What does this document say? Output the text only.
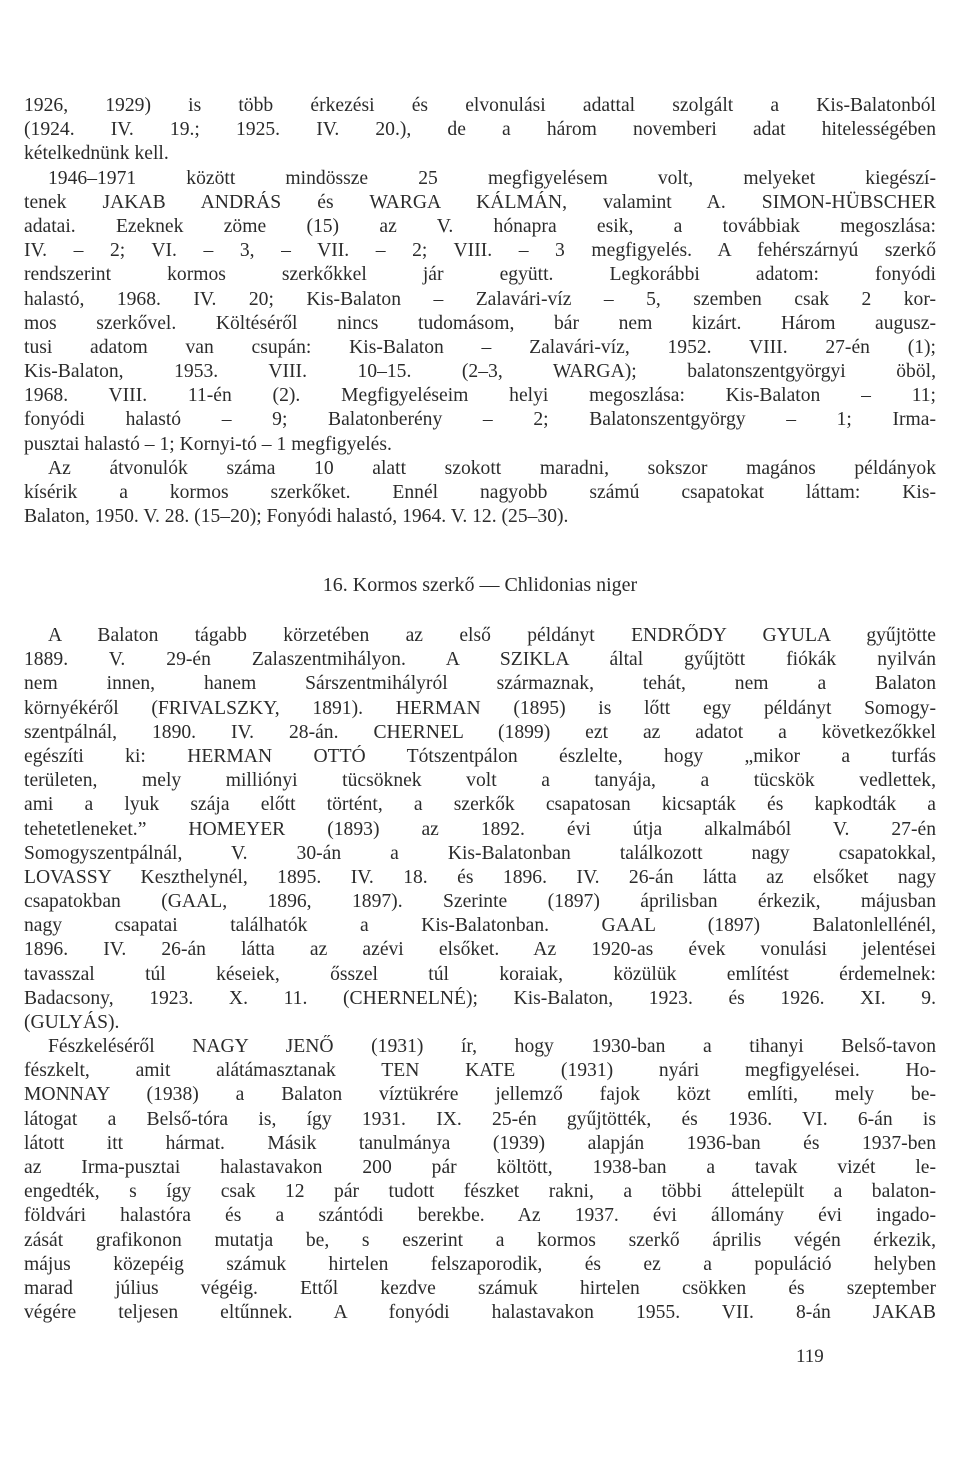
1926, 1929) is több érkezési és elvonulási adattal szolgált a Kis-Balatonból
(1924. IV. 19.; 1925. IV. 20.), de a három novemberi adat hitelességében
kételkednünk kell.
1946–1971 között mindössze 25 megfigyelésem volt, melyeket kiegészí-
tenek JAKAB ANDRÁS és WARGA KÁLMÁN, valamint A. SIMON-HÜBSCHER
adatai. Ezeknek zöme (15) az V. hónapra esik, a továbbiak megoszlása:
IV. – 2; VI. – 3, – VII. – 2; VIII. – 3 megfigyelés. A fehérszárnyú szerkő
rendszerint kormos szerkőkkel jár együtt. Legkorábbi adatom: fonyódi
halastó, 1968. IV. 20; Kis-Balaton – Zalavári-víz – 5, szemben csak 2 kor-
mos szerkővel. Költéséről nincs tudomásom, bár nem kizárt. Három augusz-
tusi adatom van csupán: Kis-Balaton – Zalavári-víz, 1952. VIII. 27-én (1);
Kis-Balaton, 1953. VIII. 10–15. (2–3, WARGA); balatonszentgyörgyi öböl,
1968. VIII. 11-én (2). Megfigyeléseim helyi megoszlása: Kis-Balaton – 11;
fonyódi halastó – 9; Balatonberény – 2; Balatonszentgyörgy – 1; Irma-
pusztai halastó – 1; Kornyi-tó – 1 megfigyelés.
Az átvonulók száma 10 alatt szokott maradni, sokszor magános példányok
kísérik a kormos szerkőket. Ennél nagyobb számú csapatokat láttam: Kis-
Balaton, 1950. V. 28. (15–20); Fonyódi halastó, 1964. V. 12. (25–30).
16. Kormos szerkő — Chlidonias niger
A Balaton tágabb körzetében az első példányt ENDRŐDY GYULA gyűjtötte
1889. V. 29-én Zalaszentmihályon. A SZIKLA által gyűjtött fiókák nyilván
nem innen, hanem Sárszentmihályról származnak, tehát, nem a Balaton
környékéről (FRIVALSZKY, 1891). HERMAN (1895) is lőtt egy példányt Somogy-
szentpálnál, 1890. IV. 28-án. CHERNEL (1899) ezt az adatot a következőkkel
egészíti ki: HERMAN OTTÓ Tótszentpálon észlelte, hogy „mikor a turfás
területen, mely milliónyi tücsöknek volt a tanyája, a tücskök vedlettek,
ami a lyuk szája előtt történt, a szerkők csapatosan kicsapták és kapkodták a
tehetetleneket.” HOMEYER (1893) az 1892. évi útja alkalmából V. 27-én
Somogyszentpálnál, V. 30-án a Kis-Balatonban találkozott nagy csapatokkal,
LOVASSY Keszthelynél, 1895. IV. 18. és 1896. IV. 26-án látta az elsőket nagy
csapatokban (GAAL, 1896, 1897). Szerinte (1897) áprilisban érkezik, májusban
nagy csapatai találhatók a Kis-Balatonban. GAAL (1897) Balatonlellénél,
1896. IV. 26-án látta az azévi elsőket. Az 1920-as évek vonulási jelentései
tavasszal túl késeiek, ősszel túl koraiak, közülük említést érdemelnek:
Badacsony, 1923. X. 11. (CHERNELNÉ); Kis-Balaton, 1923. és 1926. XI. 9.
(GULYÁS).
Fészkeléséről NAGY JENŐ (1931) ír, hogy 1930-ban a tihanyi Belső-tavon
fészkelt, amit alátámasztanak TEN KATE (1931) nyári megfigyelései. Ho-
MONNAY (1938) a Balaton víztükrére jellemző fajok közt említi, mely be-
látogat a Belső-tóra is, így 1931. IX. 25-én gyűjtötték, és 1936. VI. 6-án is
látott itt hármat. Másik tanulmánya (1939) alapján 1936-ban és 1937-ben
az Irma-pusztai halastavakon 200 pár költött, 1938-ban a tavak vizét le-
engedték, s így csak 12 pár tudott fészket rakni, a többi áttelepült a balaton-
földvári halastóra és a szántódi berekbe. Az 1937. évi állomány évi ingado-
zását grafikonon mutatja be, s eszerint a kormos szerkő április végén érkezik,
május közepéig számuk hirtelen felszaporodik, és ez a populáció helyben
marad július végéig. Ettől kezdve számuk hirtelen csökken és szeptember
végére teljesen eltűnnek. A fonyódi halastavakon 1955. VII. 8-án JAKAB
119
